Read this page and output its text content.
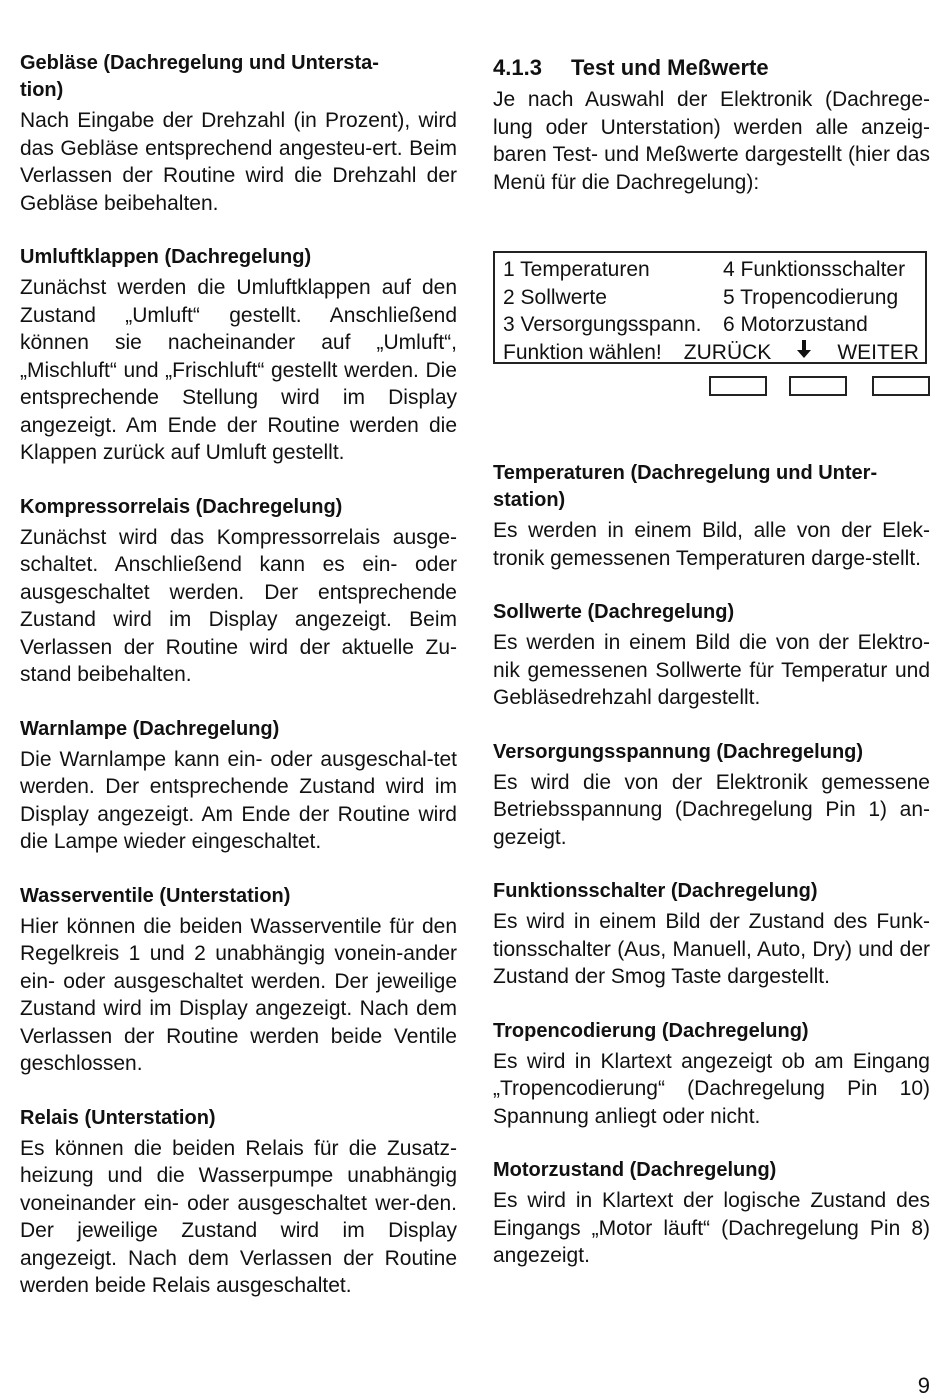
Gebläse (Dachregelung und Untersta-
tion)

Nach Eingabe der Drehzahl (in Prozent), wird das Gebläse entsprechend angesteu-ert. Beim Verlassen der Routine wird die Drehzahl der Gebläse beibehalten.

Umluftklappen (Dachregelung)

Zunächst werden die Umluftklappen auf den Zustand „Umluft“ gestellt. Anschließend können sie nacheinander auf „Umluft“, „Mischluft“ und „Frischluft“ gestellt werden. Die entsprechende Stellung wird im Display angezeigt. Am Ende der Routine werden die Klappen zurück auf Umluft gestellt.

Kompressorrelais (Dachregelung)

Zunächst wird das Kompressorrelais ausge-schaltet. Anschließend kann es ein- oder ausgeschaltet werden. Der entsprechende Zustand wird im Display angezeigt. Beim Verlassen der Routine wird der aktuelle Zu-stand beibehalten.

Warnlampe (Dachregelung)

Die Warnlampe kann ein- oder ausgeschal-tet werden. Der entsprechende Zustand wird im Display angezeigt. Am Ende der Routine wird die Lampe wieder eingeschaltet.

Wasserventile (Unterstation)

Hier können die beiden Wasserventile für den Regelkreis 1 und 2 unabhängig vonein-ander ein- oder ausgeschaltet werden. Der jeweilige Zustand wird im Display angezeigt. Nach dem Verlassen der Routine werden beide Ventile geschlossen.

Relais (Unterstation)

Es können die beiden Relais für die Zusatz-heizung und die Wasserpumpe unabhängig voneinander ein- oder ausgeschaltet wer-den. Der jeweilige Zustand wird im Display angezeigt. Nach dem Verlassen der Routine werden beide Relais ausgeschaltet.

4.1.3 Test und Meßwerte

Je nach Auswahl der Elektronik (Dachrege-lung oder Unterstation) werden alle anzeig-baren Test- und Meßwerte dargestellt (hier das Menü für die Dachregelung):

1 Temperaturen	4 Funktionsschalter
2 Sollwerte	5 Tropencodierung
3 Versorgungsspann.	6 Motorzustand
Funktion wählen! ZURÜCK	WEITER
Temperaturen (Dachregelung und Unter-
station)

Es werden in einem Bild, alle von der Elek-tronik gemessenen Temperaturen darge-stellt.

Sollwerte (Dachregelung)

Es werden in einem Bild die von der Elektro-nik gemessenen Sollwerte für Temperatur und Gebläsedrehzahl dargestellt.

Versorgungsspannung (Dachregelung)

Es wird die von der Elektronik gemessene Betriebsspannung (Dachregelung Pin 1) an-gezeigt.

Funktionsschalter (Dachregelung)

Es wird in einem Bild der Zustand des Funk-tionsschalter (Aus, Manuell, Auto, Dry) und der Zustand der Smog Taste dargestellt.

Tropencodierung (Dachregelung)

Es wird in Klartext angezeigt ob am Eingang „Tropencodierung“ (Dachregelung Pin 10) Spannung anliegt oder nicht.

Motorzustand (Dachregelung)

Es wird in Klartext der logische Zustand des Eingangs „Motor läuft“ (Dachregelung Pin 8) angezeigt.

9
